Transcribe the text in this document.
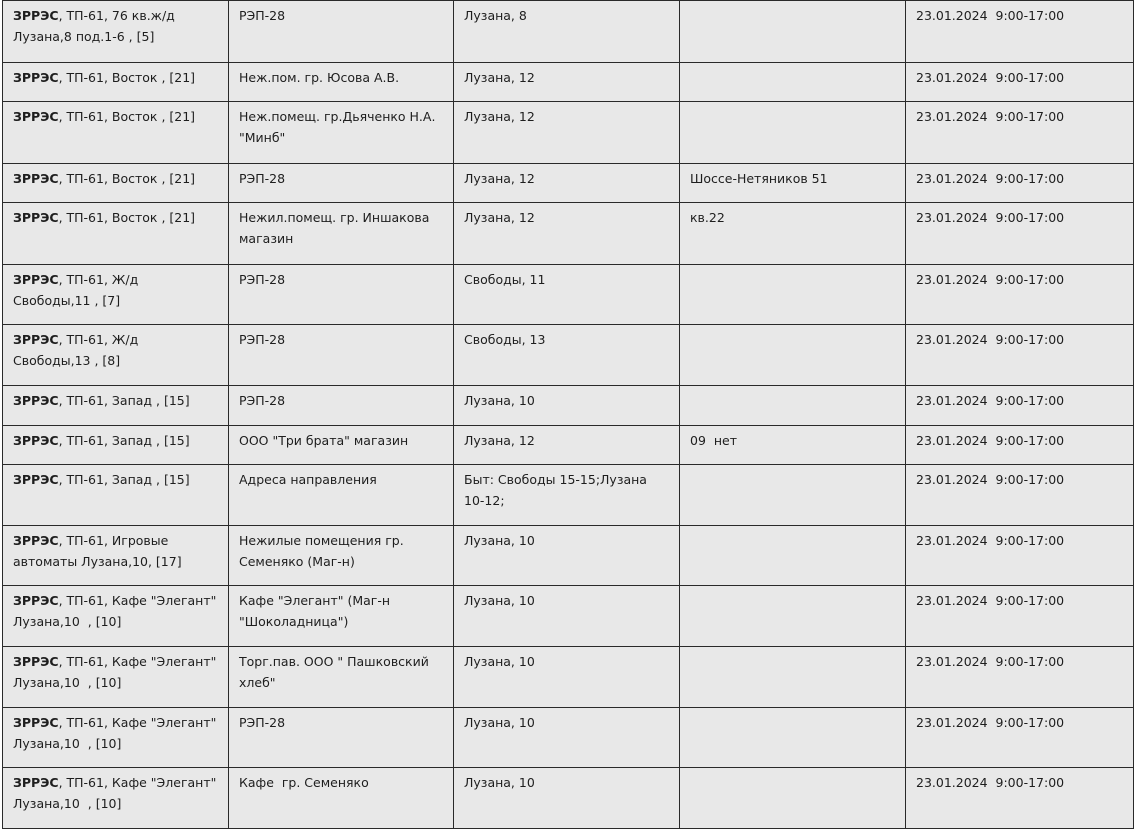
ЗРРЭС, ТП-61, 76 кв.ж/д Лузана,8 под.1-6 , [5]	РЭП-28	Лузана, 8		23.01.2024  9:00-17:00
ЗРРЭС, ТП-61, Восток , [21]	Неж.пом. гр. Юсова А.В.	Лузана, 12		23.01.2024  9:00-17:00
ЗРРЭС, ТП-61, Восток , [21]	Неж.помещ. гр.Дьяченко Н.А. "Минб"	Лузана, 12		23.01.2024  9:00-17:00
ЗРРЭС, ТП-61, Восток , [21]	РЭП-28	Лузана, 12	Шоссе-Нетяников 51	23.01.2024  9:00-17:00
ЗРРЭС, ТП-61, Восток , [21]	Нежил.помещ. гр. Иншакова магазин	Лузана, 12	кв.22	23.01.2024  9:00-17:00
ЗРРЭС, ТП-61, Ж/д Свободы,11 , [7]	РЭП-28	Свободы, 11		23.01.2024  9:00-17:00
ЗРРЭС, ТП-61, Ж/д Свободы,13 , [8]	РЭП-28	Свободы, 13		23.01.2024  9:00-17:00
ЗРРЭС, ТП-61, Запад , [15]	РЭП-28	Лузана, 10		23.01.2024  9:00-17:00
ЗРРЭС, ТП-61, Запад , [15]	ООО "Три брата" магазин	Лузана, 12	09  нет	23.01.2024  9:00-17:00
ЗРРЭС, ТП-61, Запад , [15]	Адреса направления	Быт: Свободы 15-15;Лузана 10-12;		23.01.2024  9:00-17:00
ЗРРЭС, ТП-61, Игровые автоматы Лузана,10, [17]	Нежилые помещения гр. Семеняко (Маг-н)	Лузана, 10		23.01.2024  9:00-17:00
ЗРРЭС, ТП-61, Кафе "Элегант" Лузана,10  , [10]	Кафе "Элегант" (Маг-н "Шоколадница")	Лузана, 10		23.01.2024  9:00-17:00
ЗРРЭС, ТП-61, Кафе "Элегант" Лузана,10  , [10]	Торг.пав. ООО " Пашковский хлеб"	Лузана, 10		23.01.2024  9:00-17:00
ЗРРЭС, ТП-61, Кафе "Элегант" Лузана,10  , [10]	РЭП-28	Лузана, 10		23.01.2024  9:00-17:00
ЗРРЭС, ТП-61, Кафе "Элегант" Лузана,10  , [10]	Кафе  гр. Семеняко	Лузана, 10		23.01.2024  9:00-17:00
